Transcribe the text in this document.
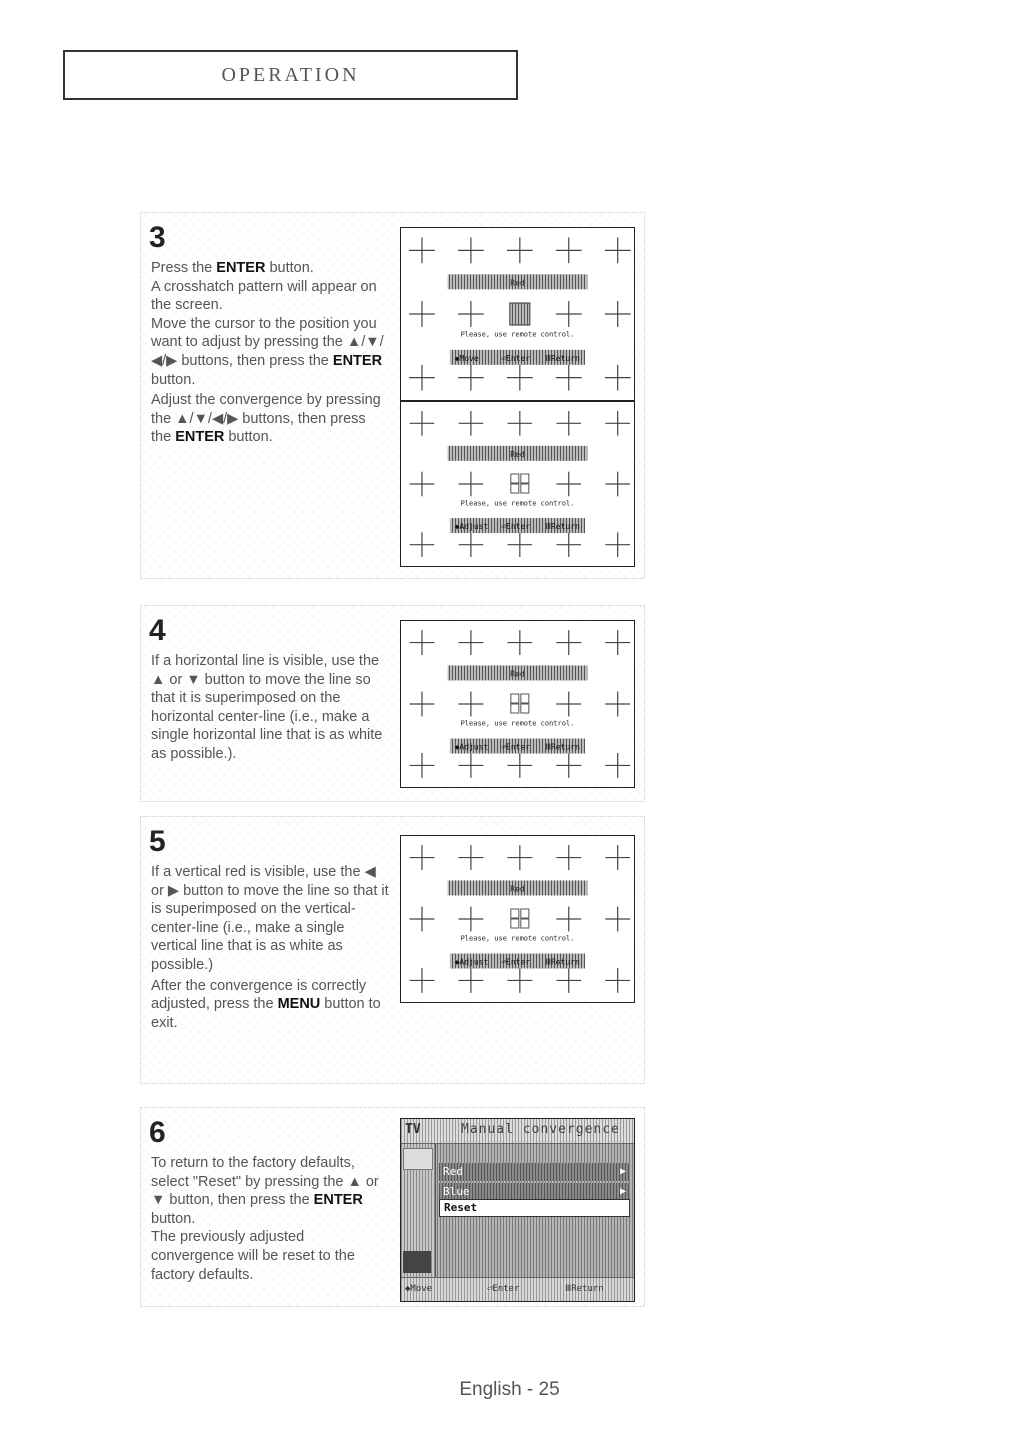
OPERATION
3

Press the ENTER button.
A crosshatch pattern will appear on the screen.
Move the cursor to the position you want to adjust by pressing the ▲/▼/◀/▶ buttons, then press the ENTER button.

Adjust the convergence by pressing the ▲/▼/◀/▶ buttons, then press the ENTER button.

Red
Please, use remote control.
◆Move	⏎Enter ⅢReturn
Red
Please, use remote control.
◆Adjust ⏎Enter ⅢReturn
4

If a horizontal line is visible, use the ▲ or ▼ button to move the line so that it is superimposed on the horizontal center-line (i.e., make a single horizontal line that is as white as possible.).

Red
Please, use remote control.
◆Adjust ⏎Enter ⅢReturn
5

If a vertical red is visible, use the ◀ or ▶ button to move the line so that it is superimposed on the vertical-center-line (i.e., make a single vertical line that is as white as possible.)

After the convergence is correctly adjusted, press the MENU button to exit.

Red
Please, use remote control.
◆Adjust ⏎Enter ⅢReturn
6

To return to the factory defaults, select "Reset" by pressing the ▲ or ▼ button, then press the ENTER button.
The previously adjusted convergence will be reset to the factory defaults.

TV	Manual convergence
Red	▶
Blue	▶
Reset
◆Move	⏎Enter	ⅢReturn
English - 25
